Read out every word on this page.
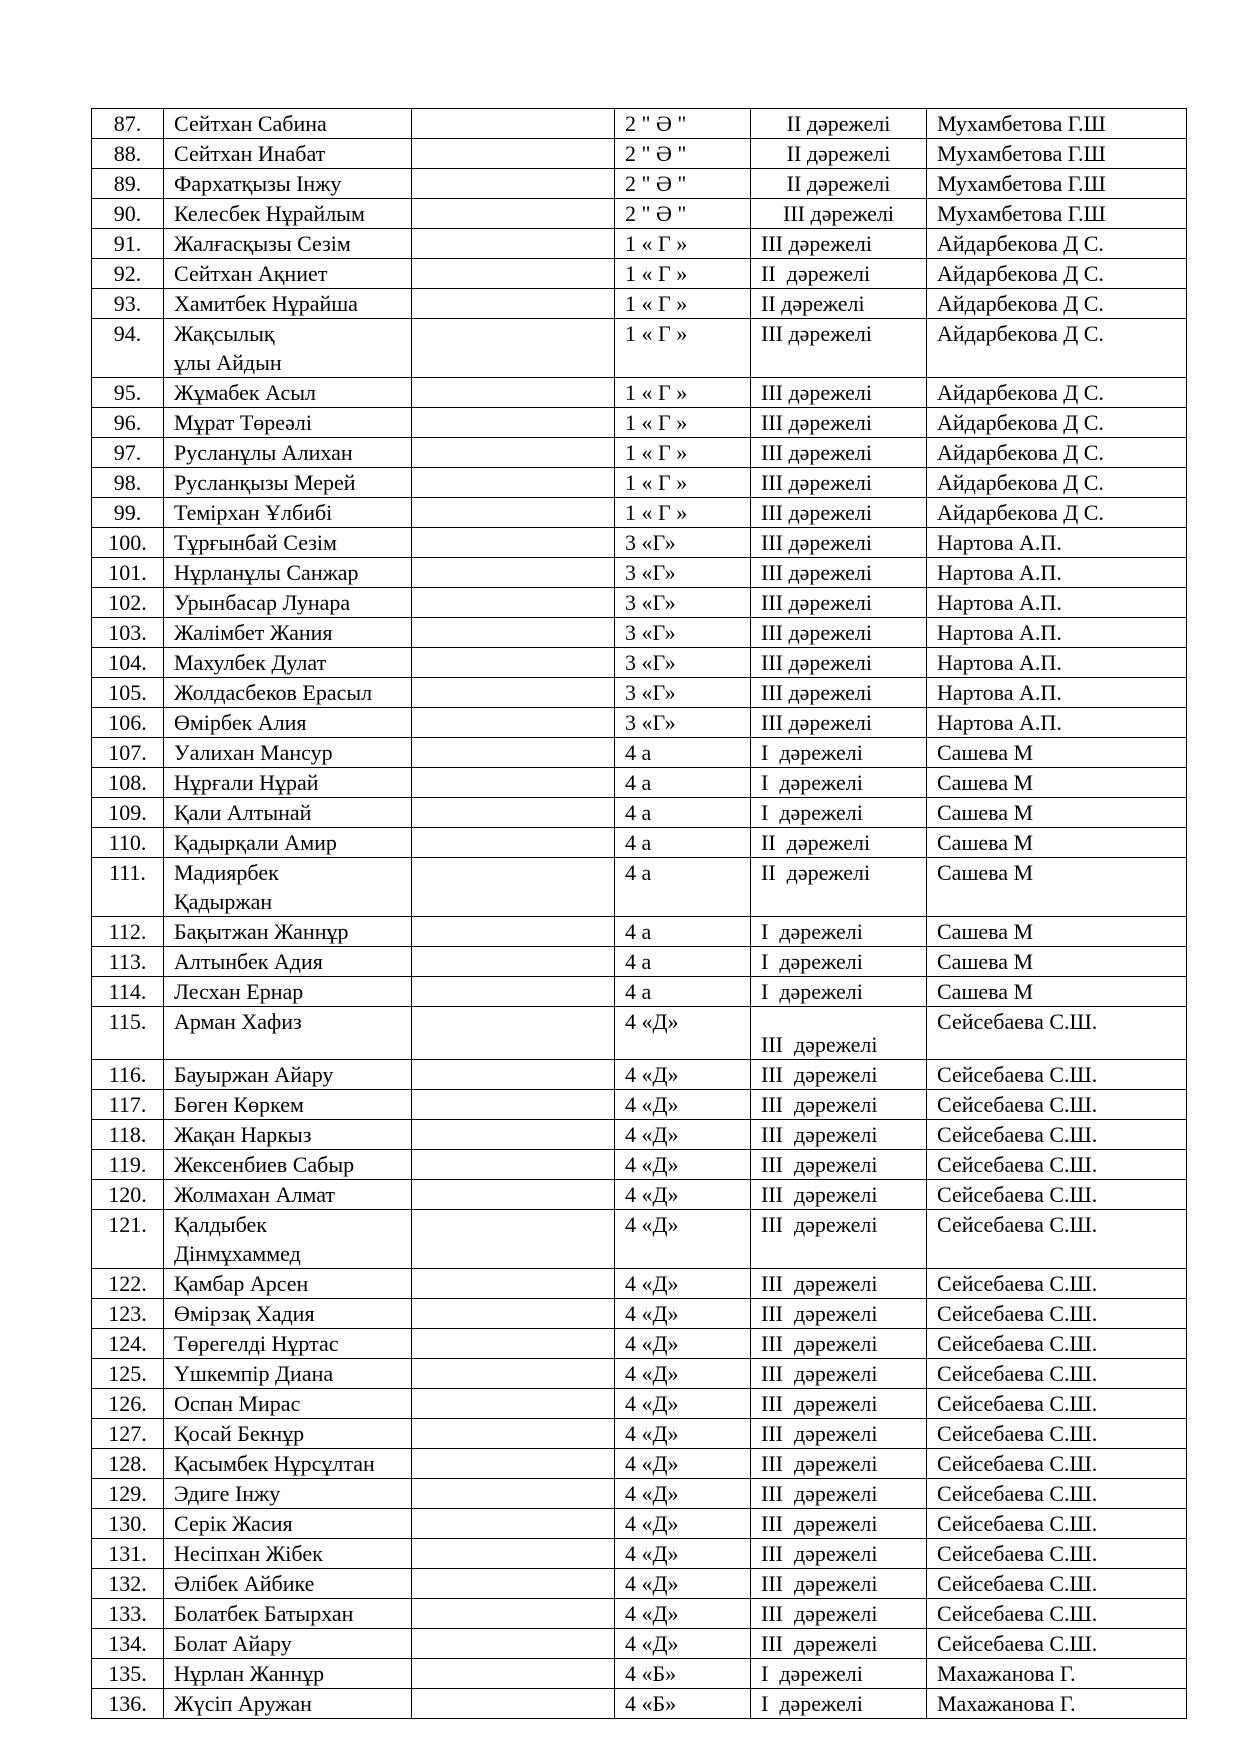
87.	Сейтхан Сабина		2 " Ә "	II дәрежелі	Мухамбетова Г.Ш
88.	Сейтхан Инабат		2 " Ә "	II дәрежелі	Мухамбетова Г.Ш
89.	Фархатқызы Інжу		2 " Ә "	II дәрежелі	Мухамбетова Г.Ш
90.	Келесбек Нұрайлым		2 " Ә "	III дәрежелі	Мухамбетова Г.Ш
91.	Жалғасқызы Сезім		1 « Г »	III дәрежелі	Айдарбекова Д С.
92.	Сейтхан Ақниет		1 « Г »	II  дәрежелі	Айдарбекова Д С.
93.	Хамитбек Нұрайша		1 « Г »	II дәрежелі	Айдарбекова Д С.
94.	Жақсылық
ұлы Айдын		1 « Г »	III дәрежелі	Айдарбекова Д С.
95.	Жұмабек Асыл		1 « Г »	III дәрежелі	Айдарбекова Д С.
96.	Мұрат Төреәлі		1 « Г »	III дәрежелі	Айдарбекова Д С.
97.	Русланұлы Алихан		1 « Г »	III дәрежелі	Айдарбекова Д С.
98.	Русланқызы Мерей		1 « Г »	III дәрежелі	Айдарбекова Д С.
99.	Темірхан Ұлбибі		1 « Г »	III дәрежелі	Айдарбекова Д С.
100.	Тұрғынбай Сезім		3 «Г»	III дәрежелі	Нартова А.П.
101.	Нұрланұлы Санжар		3 «Г»	III дәрежелі	Нартова А.П.
102.	Урынбасар Лунара		3 «Г»	III дәрежелі	Нартова А.П.
103.	Жалімбет Жания		3 «Г»	III дәрежелі	Нартова А.П.
104.	Махулбек Дулат		3 «Г»	III дәрежелі	Нартова А.П.
105.	Жолдасбеков Ерасыл		3 «Г»	III дәрежелі	Нартова А.П.
106.	Өмірбек Алия		3 «Г»	III дәрежелі	Нартова А.П.
107.	Уалихан Мансур		4 а	I  дәрежелі	Сашева М
108.	Нұрғали Нұрай		4 а	I  дәрежелі	Сашева М
109.	Қали Алтынай		4 а	I  дәрежелі	Сашева М
110.	Қадырқали Амир		4 а	II  дәрежелі	Сашева М
111.	Мадиярбек
Қадыржан		4 а	II  дәрежелі	Сашева М
112.	Бақытжан Жаннұр		4 а	I  дәрежелі	Сашева М
113.	Алтынбек Адия		4 а	I  дәрежелі	Сашева М
114.	Лесхан Ернар		4 а	I  дәрежелі	Сашева М
115.	Арман Хафиз		4 «Д»	III  дәрежелі	Сейсебаева С.Ш.
116.	Бауыржан Айару		4 «Д»	III  дәрежелі	Сейсебаева С.Ш.
117.	Бөген Көркем		4 «Д»	III  дәрежелі	Сейсебаева С.Ш.
118.	Жақан Наркыз		4 «Д»	III  дәрежелі	Сейсебаева С.Ш.
119.	Жексенбиев Сабыр		4 «Д»	III  дәрежелі	Сейсебаева С.Ш.
120.	Жолмахан Алмат		4 «Д»	III  дәрежелі	Сейсебаева С.Ш.
121.	Қалдыбек
Дінмұхаммед		4 «Д»	III  дәрежелі	Сейсебаева С.Ш.
122.	Қамбар Арсен		4 «Д»	III  дәрежелі	Сейсебаева С.Ш.
123.	Өмірзақ Хадия		4 «Д»	III  дәрежелі	Сейсебаева С.Ш.
124.	Төрегелді Нұртас		4 «Д»	III  дәрежелі	Сейсебаева С.Ш.
125.	Үшкемпір Диана		4 «Д»	III  дәрежелі	Сейсебаева С.Ш.
126.	Оспан Мирас		4 «Д»	III  дәрежелі	Сейсебаева С.Ш.
127.	Қосай Бекнұр		4 «Д»	III  дәрежелі	Сейсебаева С.Ш.
128.	Қасымбек Нұрсұлтан		4 «Д»	III  дәрежелі	Сейсебаева С.Ш.
129.	Эдиге Інжу		4 «Д»	III  дәрежелі	Сейсебаева С.Ш.
130.	Серік Жасия		4 «Д»	III  дәрежелі	Сейсебаева С.Ш.
131.	Несіпхан Жібек		4 «Д»	III  дәрежелі	Сейсебаева С.Ш.
132.	Әлібек Айбике		4 «Д»	III  дәрежелі	Сейсебаева С.Ш.
133.	Болатбек Батырхан		4 «Д»	III  дәрежелі	Сейсебаева С.Ш.
134.	Болат Айару		4 «Д»	III  дәрежелі	Сейсебаева С.Ш.
135.	Нұрлан Жаннұр		4 «Б»	I  дәрежелі	Махажанова Г.
136.	Жүсіп Аружан		4 «Б»	I  дәрежелі	Махажанова Г.
